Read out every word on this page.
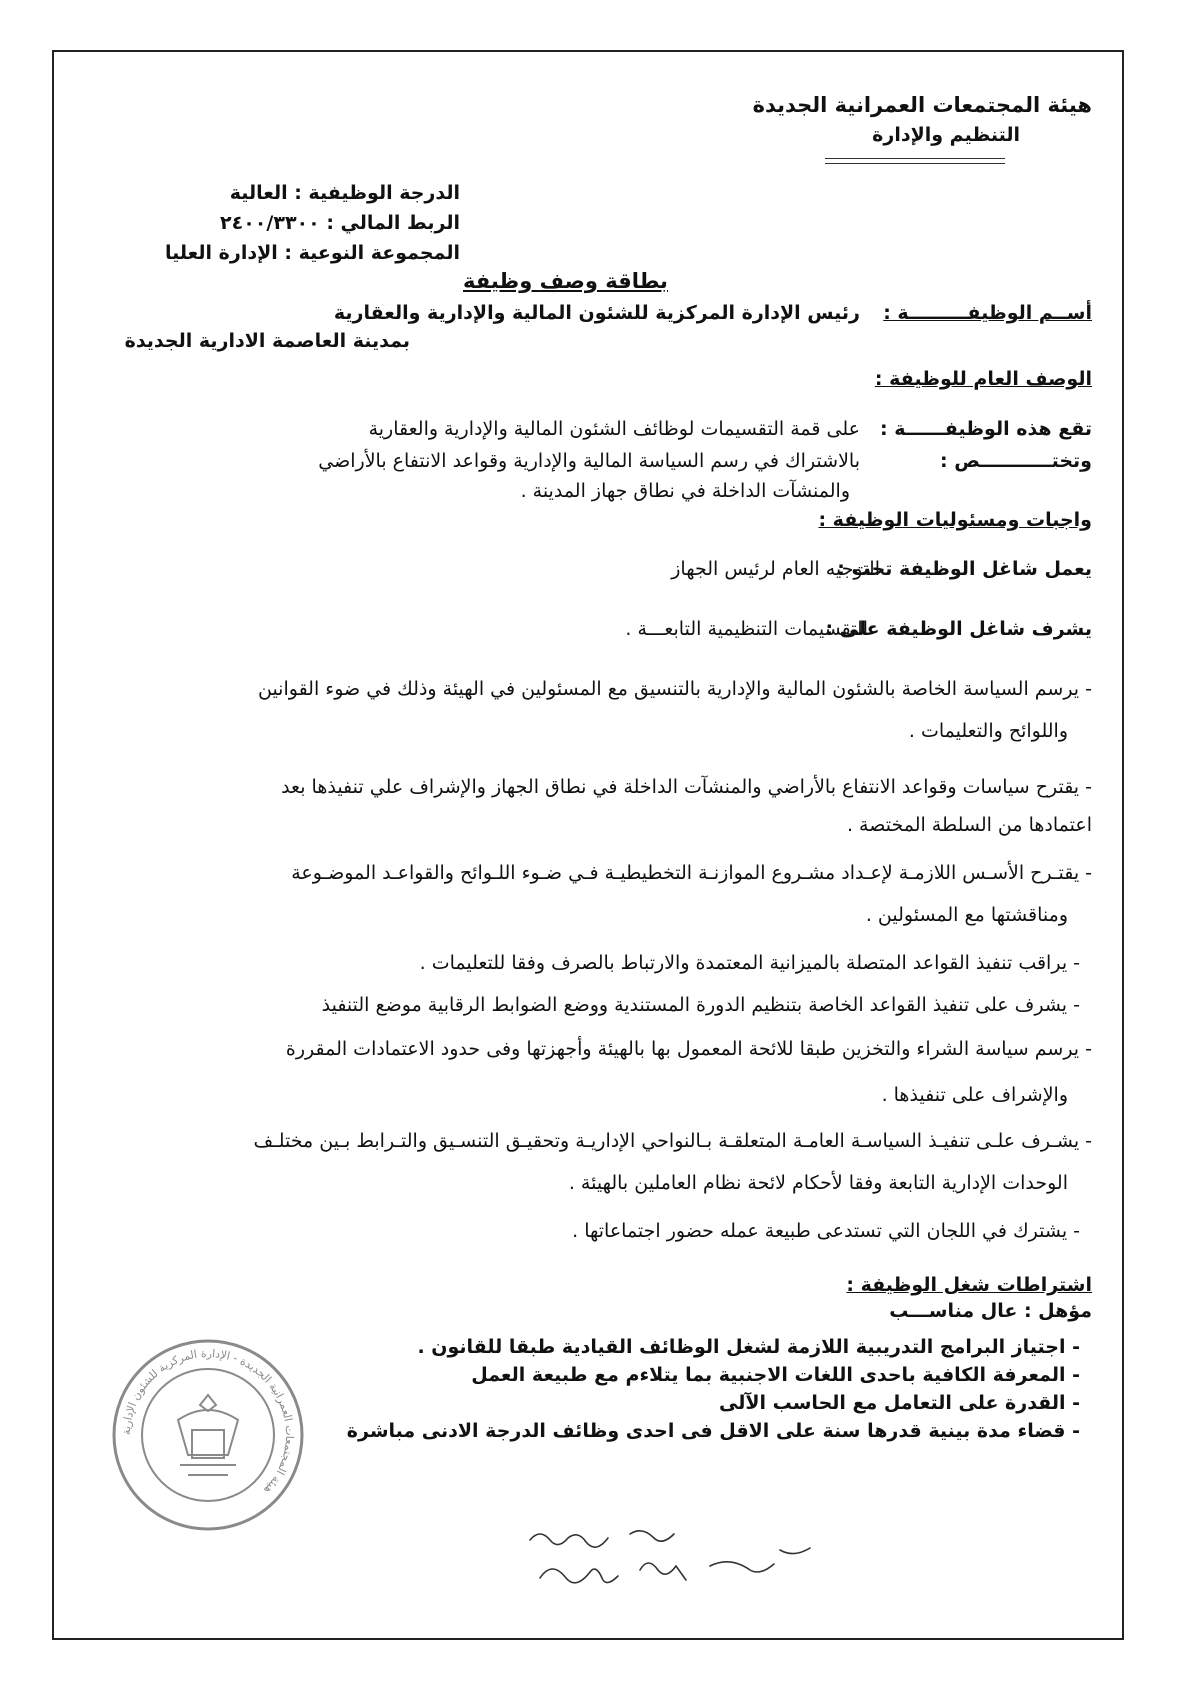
هيئة المجتمعات العمرانية الجديدة
التنظيم والإدارة
الدرجة الوظيفية : العالية
الربط المالي : ٢٤٠٠/٣٣٠٠
المجموعة النوعية : الإدارة العليا
بطاقة وصف وظيفة
أســم الوظيفـــــــــة :
رئيس الإدارة المركزية للشئون المالية والإدارية والعقارية
بمدينة العاصمة الادارية الجديدة
الوصف العام للوظيفة :
تقع هذه الوظيفــــــة :
على قمة التقسيمات لوظائف الشئون المالية والإدارية والعقارية
وتختـــــــــــص :
بالاشتراك في رسم السياسة المالية والإدارية وقواعد الانتفاع بالأراضي
والمنشآت الداخلة في نطاق جهاز المدينة .
واجبات ومسئوليات الوظيفة :
يعمل شاغل الوظيفة تحت :
التوجيه العام لرئيس الجهاز
يشرف شاغل الوظيفة على :
التقسيمات التنظيمية التابعـــة .
- يرسم السياسة الخاصة بالشئون المالية والإدارية بالتنسيق مع المسئولين في الهيئة وذلك في ضوء القوانين
واللوائح والتعليمات .
- يقترح سياسات وقواعد الانتفاع بالأراضي والمنشآت الداخلة في نطاق الجهاز والإشراف علي تنفيذها بعد
اعتمادها من السلطة المختصة .
- يقتـرح الأسـس اللازمـة لإعـداد مشـروع الموازنـة التخطيطيـة فـي ضـوء اللـوائح والقواعـد الموضـوعة
ومناقشتها مع المسئولين .
- يراقب تنفيذ القواعد المتصلة بالميزانية المعتمدة والارتباط بالصرف وفقا للتعليمات .
- يشرف على تنفيذ القواعد الخاصة بتنظيم الدورة المستندية ووضع الضوابط الرقابية موضع التنفيذ
- يرسم سياسة الشراء والتخزين طبقا للائحة المعمول بها بالهيئة وأجهزتها وفى حدود الاعتمادات المقررة
والإشراف على تنفيذها .
- يشـرف علـى تنفيـذ السياسـة العامـة المتعلقـة بـالنواحي الإداريـة وتحقيـق التنسـيق والتـرابط بـين مختلـف
الوحدات الإدارية التابعة وفقا لأحكام لائحة نظام العاملين بالهيئة .
- يشترك في اللجان التي تستدعى طبيعة عمله حضور اجتماعاتها .
اشتراطات شغل الوظيفة :
مؤهل : عال مناســـب
- اجتياز البرامج التدريبية اللازمة لشغل الوظائف القيادية طبقا للقانون .
- المعرفة الكافية باحدى اللغات الاجنبية بما يتلاءم مع طبيعة العمل
- القدرة على التعامل مع الحاسب الآلى
- قضاء مدة بينية قدرها سنة على الاقل فى احدى وظائف الدرجة الادنى مباشرة
هيئة المجتمعات العمرانية الجديدة - الإدارة المركزية للشئون الإدارية
